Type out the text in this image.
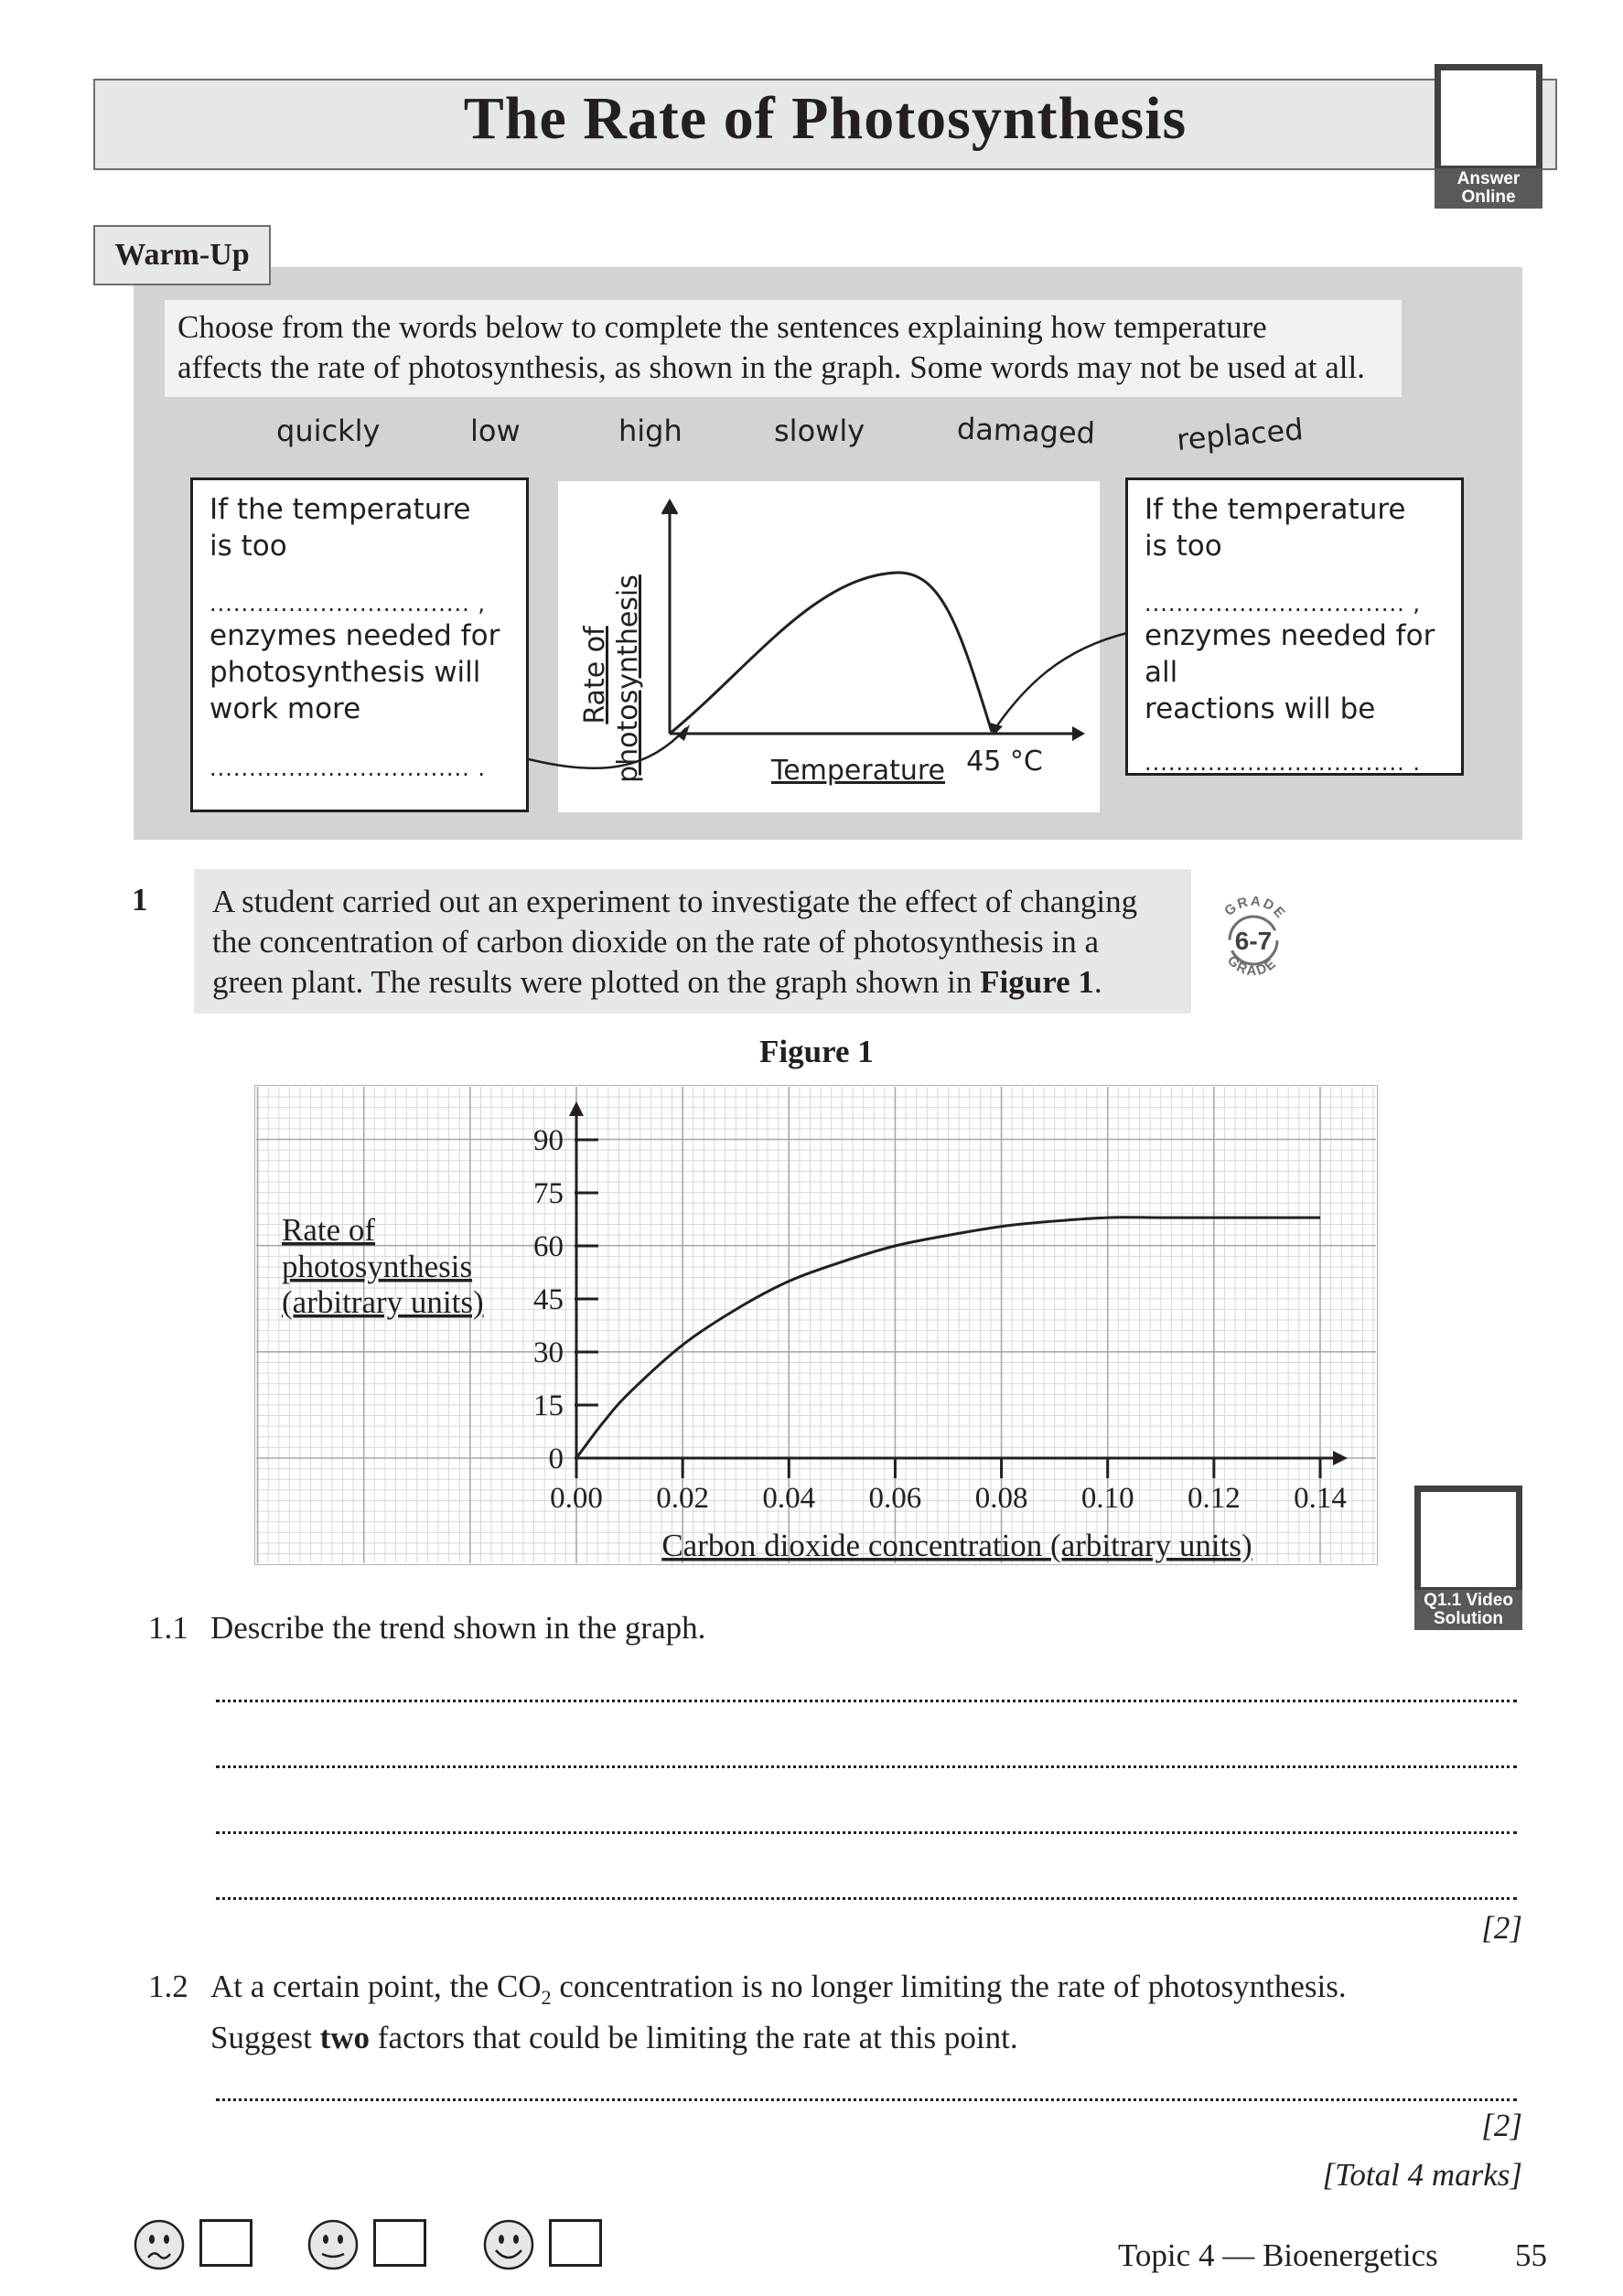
The Rate of Photosynthesis
Answer
Online
Warm-Up
Choose from the words below to complete the sentences explaining how temperature
affects the rate of photosynthesis, as shown in the graph. Some words may not be used at all.
quickly	low	high	slowly	damaged	replaced
If the temperature
is too
................................. ,
enzymes needed for
photosynthesis will
work more
................................. .
If the temperature
is too
................................. ,
enzymes needed for all
reactions will be
................................. .
Rate of photosynthesis	Temperature 45 °C
1 A student carried out an experiment to investigate the effect of changing
the concentration of carbon dioxide on the rate of photosynthesis in a
green plant. The results were plotted on the graph shown in Figure 1.
GRADE
GRADE
6-7
Figure 1
0.00 0.02 0.04 0.06 0.08 0.10 0.12 0.14
0
15
30
45
60
75
90
Rate of
photosynthesis
(arbitrary units)
Carbon dioxide concentration (arbitrary units)
Q1.1 Video
Solution
1.1 Describe the trend shown in the graph.
[2]
1.2 At a certain point, the $CO_2$ concentration is no longer limiting the rate of photosynthesis.
Suggest two factors that could be limiting the rate at this point.
[2]
[Total 4 marks]
Topic 4 — Bioenergetics 55
